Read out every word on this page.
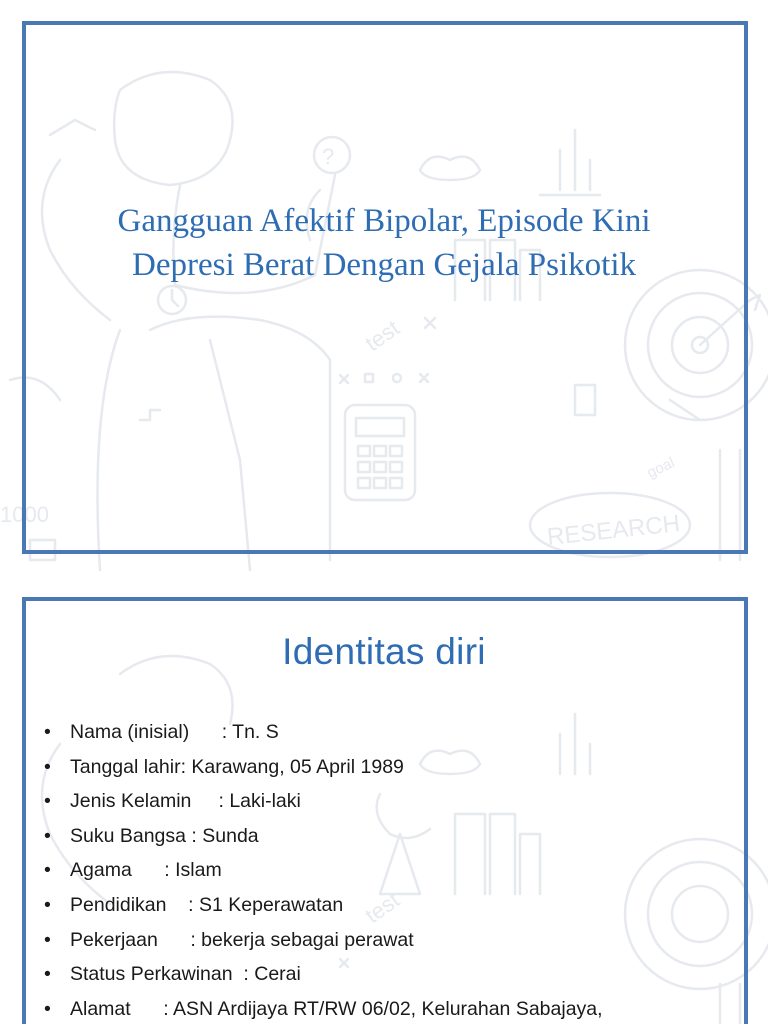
?
test
RESEARCH
goal
1000
Gangguan Afektif Bipolar, Episode Kini
Depresi Berat Dengan Gejala Psikotik
test
Identitas diri
• Nama (inisial)      : Tn. S
• Tanggal lahir: Karawang, 05 April 1989
• Jenis Kelamin     : Laki-laki
• Suku Bangsa : Sunda
• Agama      : Islam
• Pendidikan    : S1 Keperawatan
• Pekerjaan      : bekerja sebagai perawat
• Status Perkawinan  : Cerai
• Alamat      : ASN Ardijaya RT/RW 06/02, Kelurahan Sabajaya,
